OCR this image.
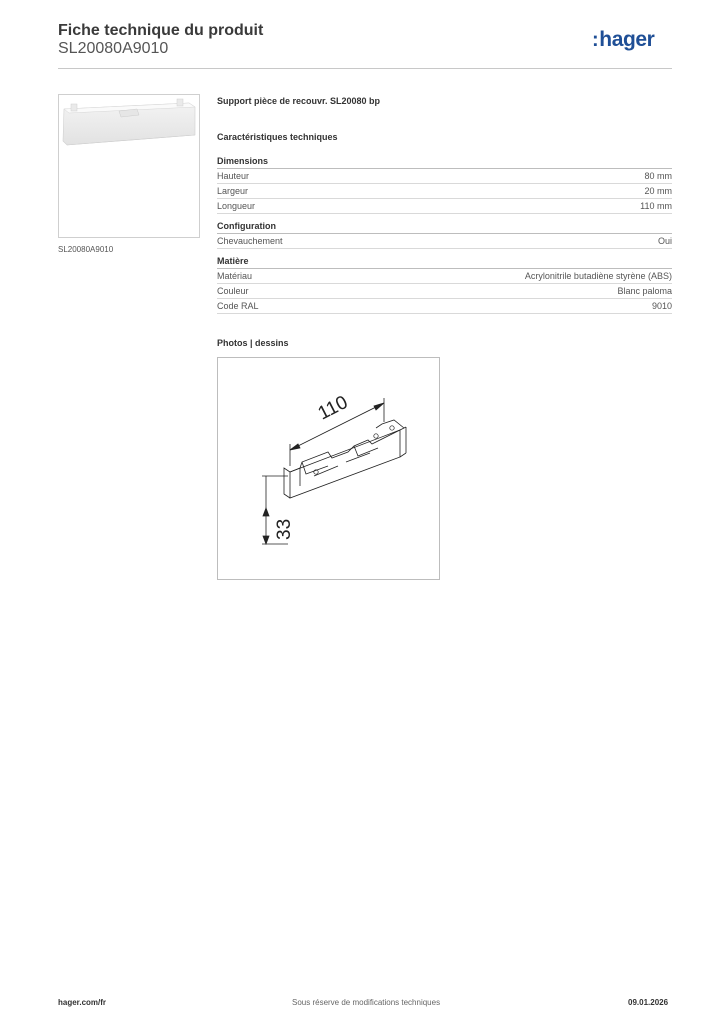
Fiche technique du produit
SL20080A9010	:hager
SL20080A9010
Support pièce de recouvr. SL20080 bp
Caractéristiques techniques
Dimensions
Hauteur	80 mm
Largeur	20 mm
Longueur	110 mm
Configuration
Chevauchement	Oui
Matière
Matériau	Acrylonitrile butadiène styrène (ABS)
Couleur	Blanc paloma
Code RAL	9010
Photos | dessins
110
33
hager.com/fr	Sous réserve de modifications techniques	09.01.2026
